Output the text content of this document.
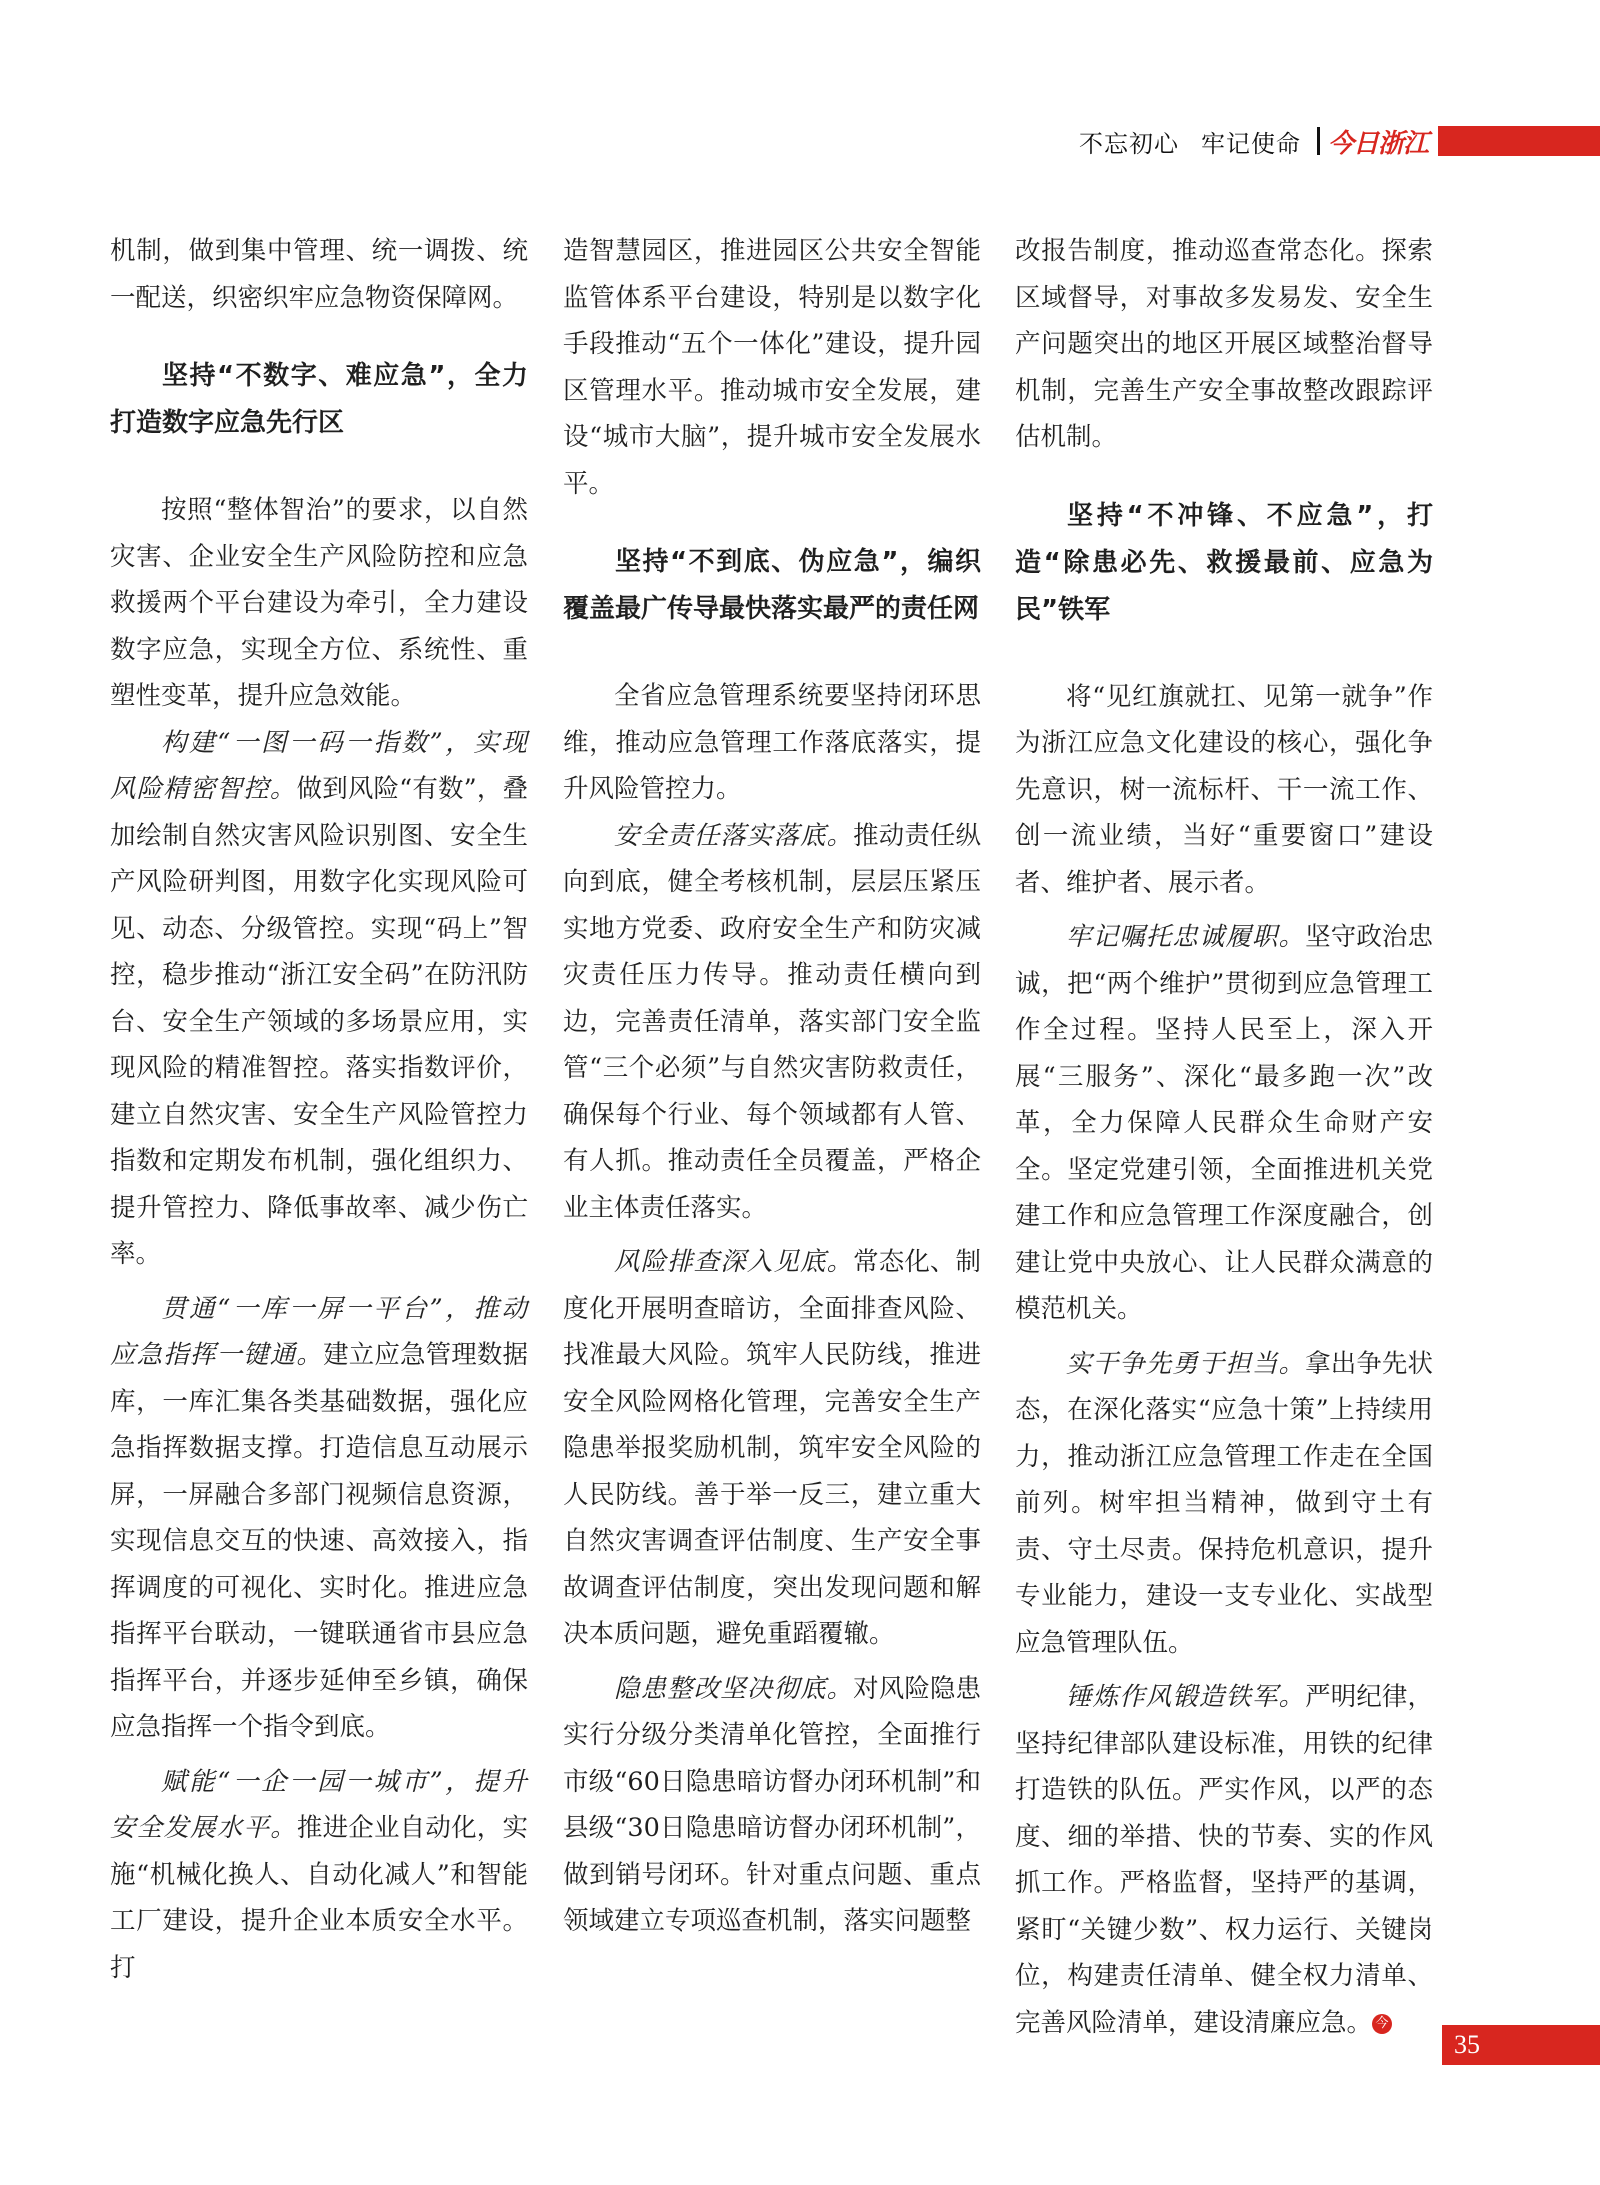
不忘初心 牢记使命 今日浙江

机制，做到集中管理、统一调拨、统一配送，织密织牢应急物资保障网。

坚持“不数字、难应急”，全力打造数字应急先行区

按照“整体智治”的要求，以自然灾害、企业安全生产风险防控和应急救援两个平台建设为牵引，全力建设数字应急，实现全方位、系统性、重塑性变革，提升应急效能。

构建“一图一码一指数”，实现风险精密智控。做到风险“有数”，叠加绘制自然灾害风险识别图、安全生产风险研判图，用数字化实现风险可见、动态、分级管控。实现“码上”智控，稳步推动“浙江安全码”在防汛防台、安全生产领域的多场景应用，实现风险的精准智控。落实指数评价，建立自然灾害、安全生产风险管控力指数和定期发布机制，强化组织力、提升管控力、降低事故率、减少伤亡率。

贯通“一库一屏一平台”，推动应急指挥一键通。建立应急管理数据库，一库汇集各类基础数据，强化应急指挥数据支撑。打造信息互动展示屏，一屏融合多部门视频信息资源，实现信息交互的快速、高效接入，指挥调度的可视化、实时化。推进应急指挥平台联动，一键联通省市县应急指挥平台，并逐步延伸至乡镇，确保应急指挥一个指令到底。

赋能“一企一园一城市”，提升安全发展水平。推进企业自动化，实施“机械化换人、自动化减人”和智能工厂建设，提升企业本质安全水平。打

造智慧园区，推进园区公共安全智能监管体系平台建设，特别是以数字化手段推动“五个一体化”建设，提升园区管理水平。推动城市安全发展，建设“城市大脑”，提升城市安全发展水平。

坚持“不到底、伪应急”，编织覆盖最广传导最快落实最严的责任网

全省应急管理系统要坚持闭环思维，推动应急管理工作落底落实，提升风险管控力。

安全责任落实落底。推动责任纵向到底，健全考核机制，层层压紧压实地方党委、政府安全生产和防灾减灾责任压力传导。推动责任横向到边，完善责任清单，落实部门安全监管“三个必须”与自然灾害防救责任，确保每个行业、每个领域都有人管、有人抓。推动责任全员覆盖，严格企业主体责任落实。

风险排查深入见底。常态化、制度化开展明查暗访，全面排查风险、找准最大风险。筑牢人民防线，推进安全风险网格化管理，完善安全生产隐患举报奖励机制，筑牢安全风险的人民防线。善于举一反三，建立重大自然灾害调查评估制度、生产安全事故调查评估制度，突出发现问题和解决本质问题，避免重蹈覆辙。

隐患整改坚决彻底。对风险隐患实行分级分类清单化管控，全面推行市级“60日隐患暗访督办闭环机制”和县级“30日隐患暗访督办闭环机制”，做到销号闭环。针对重点问题、重点领域建立专项巡查机制，落实问题整

改报告制度，推动巡查常态化。探索区域督导，对事故多发易发、安全生产问题突出的地区开展区域整治督导机制，完善生产安全事故整改跟踪评估机制。

坚持“不冲锋、不应急”，打造“除患必先、救援最前、应急为民”铁军

将“见红旗就扛、见第一就争”作为浙江应急文化建设的核心，强化争先意识，树一流标杆、干一流工作、创一流业绩，当好“重要窗口”建设者、维护者、展示者。

牢记嘱托忠诚履职。坚守政治忠诚，把“两个维护”贯彻到应急管理工作全过程。坚持人民至上，深入开展“三服务”、深化“最多跑一次”改革，全力保障人民群众生命财产安全。坚定党建引领，全面推进机关党建工作和应急管理工作深度融合，创建让党中央放心、让人民群众满意的模范机关。

实干争先勇于担当。拿出争先状态，在深化落实“应急十策”上持续用力，推动浙江应急管理工作走在全国前列。树牢担当精神，做到守土有责、守土尽责。保持危机意识，提升专业能力，建设一支专业化、实战型应急管理队伍。

锤炼作风锻造铁军。严明纪律，坚持纪律部队建设标准，用铁的纪律打造铁的队伍。严实作风，以严的态度、细的举措、快的节奏、实的作风抓工作。严格监督，坚持严的基调，紧盯“关键少数”、权力运行、关键岗位，构建责任清单、健全权力清单、完善风险清单，建设清廉应急。 今

35
